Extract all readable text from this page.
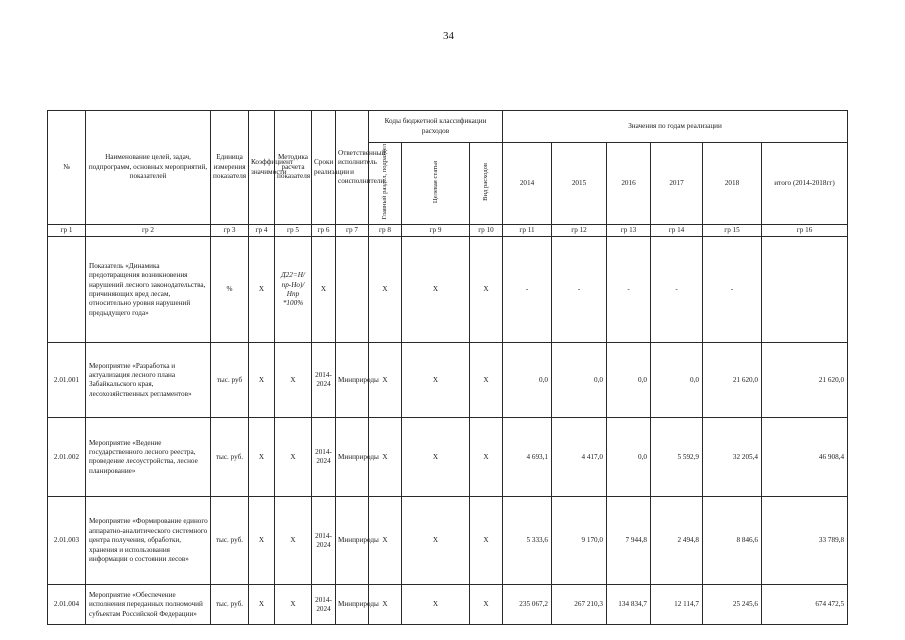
34
№	Наименование целей, задач, подпрограмм, основных мероприятий, показателей	Единица измерения показателя	Коэффициент значимости	Методика расчета показателя	Сроки реализации	Ответственный исполнитель и соисполнители	Коды бюджетной классификации расходов			Значения по годам реализации					
							Главный раздел, подраздел	Целевая статья	Вид расходов	2014	2015	2016	2017	2018	итого (2014-2018гг)
гр 1	гр 2	гр 3	гр 4	гр 5	гр 6	гр 7	гр 8	гр 9	гр 10	гр 11	гр 12	гр 13	гр 14	гр 15	гр 16
	Показатель «Динамика предотвращения возникновения нарушений лесного законодательства, причиняющих вред лесам, относительно уровня нарушений предыдущего года»	%	X	Д22=Н/пр-Но)/Нпр *100%	X		X	X	X	-	-	-	-	-	
2.01.001	Мероприятие «Разработка и актуализация лесного плана Забайкальского края, лесохозяйственных регламентов»	тыс. руб	X	X	2014-2024	Минприроды	X	X	X	0,0	0,0	0,0	0,0	21 620,0	21 620,0
2.01.002	Мероприятие «Ведение государственного лесного реестра, проведение лесоустройства, лесное планирование»	тыс. руб.	X	X	2014-2024	Минприроды	X	X	X	4 693,1	4 417,0	0,0	5 592,9	32 205,4	46 908,4
2.01.003	Мероприятие «Формирование единого аппаратно-аналитического системного центра получения, обработки, хранения и использования информации о состоянии лесов»	тыс. руб.	X	X	2014-2024	Минприроды	X	X	X	5 333,6	9 170,0	7 944,8	2 494,8	8 846,6	33 789,8
2.01.004	Мероприятие «Обеспечение исполнения переданных полномочий субъектам Российской Федерации»	тыс. руб.	X	X	2014-2024	Минприроды	X	X	X	235 067,2	267 210,3	134 834,7	12 114,7	25 245,6	674 472,5
